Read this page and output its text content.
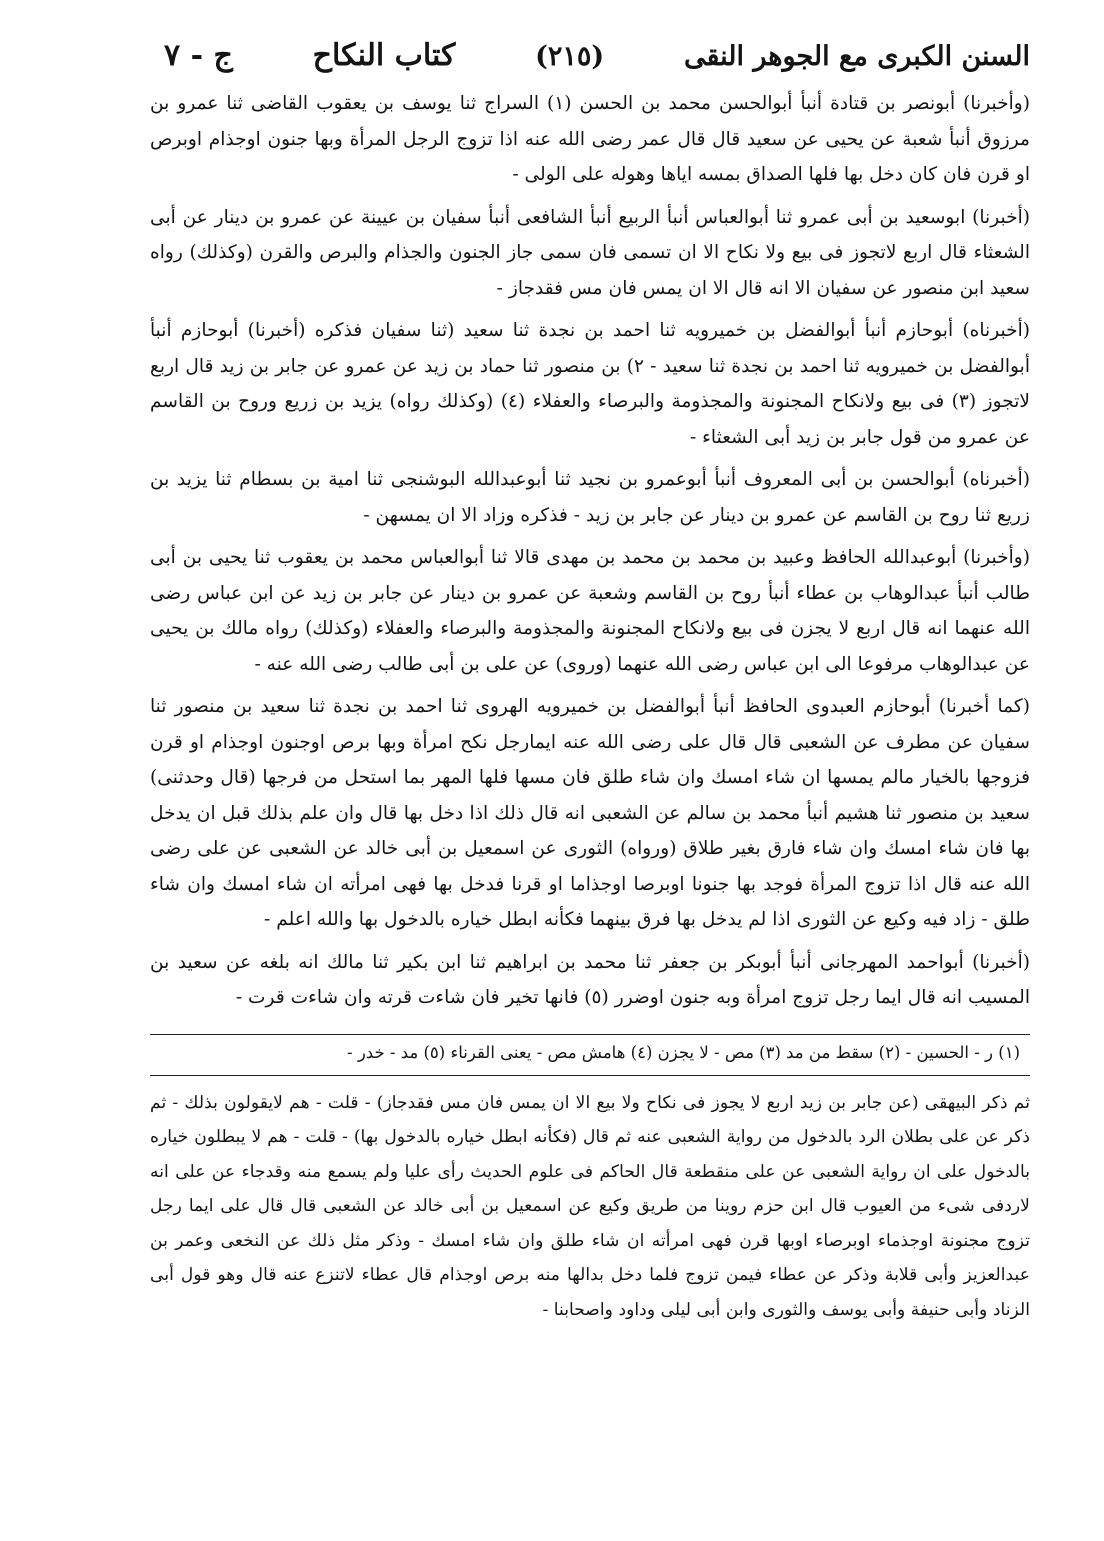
السنن الكبرى مع الجوهر النقى
(٢١٥)
كتاب النكاح
ج - ٧

(وأخبرنا) أبونصر بن قتادة أنبأ أبوالحسن محمد بن الحسن (١) السراج ثنا يوسف بن يعقوب القاضى ثنا عمرو بن مرزوق أنبأ شعبة عن يحيى عن سعيد قال قال عمر رضى الله عنه اذا تزوج الرجل المرأة وبها جنون اوجذام اوبرص او قرن فان كان دخل بها فلها الصداق بمسه اياها وهوله على الولى -

(أخبرنا) ابوسعيد بن أبى عمرو ثنا أبوالعباس أنبأ الربيع أنبأ الشافعى أنبأ سفيان بن عيينة عن عمرو بن دينار عن أبى الشعثاء قال اربع لاتجوز فى بيع ولا نكاح الا ان تسمى فان سمى جاز الجنون والجذام والبرص والقرن (وكذلك) رواه سعيد ابن منصور عن سفيان الا انه قال الا ان يمس فان مس فقدجاز -

(أخبرناه) أبوحازم أنبأ أبوالفضل بن خميرويه ثنا احمد بن نجدة ثنا سعيد (ثنا سفيان فذكره (أخبرنا) أبوحازم أنبأ أبوالفضل بن خميرويه ثنا احمد بن نجدة ثنا سعيد - ٢) بن منصور ثنا حماد بن زيد عن عمرو عن جابر بن زيد قال اربع لاتجوز (٣) فى بيع ولانكاح المجنونة والمجذومة والبرصاء والعفلاء (٤) (وكذلك رواه) يزيد بن زريع وروح بن القاسم عن عمرو من قول جابر بن زيد أبى الشعثاء -

(أخبرناه) أبوالحسن بن أبى المعروف أنبأ أبوعمرو بن نجيد ثنا أبوعبدالله البوشنجى ثنا امية بن بسطام ثنا يزيد بن زريع ثنا روح بن القاسم عن عمرو بن دينار عن جابر بن زيد - فذكره وزاد الا ان يمسهن -

(وأخبرنا) أبوعبدالله الحافظ وعبيد بن محمد بن محمد بن مهدى قالا ثنا أبوالعباس محمد بن يعقوب ثنا يحيى بن أبى طالب أنبأ عبدالوهاب بن عطاء أنبأ روح بن القاسم وشعبة عن عمرو بن دينار عن جابر بن زيد عن ابن عباس رضى الله عنهما انه قال اربع لا يجزن فى بيع ولانكاح المجنونة والمجذومة والبرصاء والعفلاء (وكذلك) رواه مالك بن يحيى عن عبدالوهاب مرفوعا الى ابن عباس رضى الله عنهما (وروى) عن على بن أبى طالب رضى الله عنه -

(كما أخبرنا) أبوحازم العبدوى الحافظ أنبأ أبوالفضل بن خميرويه الهروى ثنا احمد بن نجدة ثنا سعيد بن منصور ثنا سفيان عن مطرف عن الشعبى قال قال على رضى الله عنه ايمارجل نكح امرأة وبها برص اوجنون اوجذام او قرن فزوجها بالخيار مالم يمسها ان شاء امسك وان شاء طلق فان مسها فلها المهر بما استحل من فرجها (قال وحدثنى) سعيد بن منصور ثنا هشيم أنبأ محمد بن سالم عن الشعبى انه قال ذلك اذا دخل بها قال وان علم بذلك قبل ان يدخل بها فان شاء امسك وان شاء فارق بغير طلاق (ورواه) الثورى عن اسمعيل بن أبى خالد عن الشعبى عن على رضى الله عنه قال اذا تزوج المرأة فوجد بها جنونا اوبرصا اوجذاما او قرنا فدخل بها فهى امرأته ان شاء امسك وان شاء طلق - زاد فيه وكيع عن الثورى اذا لم يدخل بها فرق بينهما فكأنه ابطل خياره بالدخول بها والله اعلم -

(أخبرنا) أبواحمد المهرجانى أنبأ أبوبكر بن جعفر ثنا محمد بن ابراهيم ثنا ابن بكير ثنا مالك انه بلغه عن سعيد بن المسيب انه قال ايما رجل تزوج امرأة وبه جنون اوضرر (٥) فانها تخير فان شاءت قرته وان شاءت قرت -

(١) ر - الحسين - (٢) سقط من مد (٣) مص - لا يجزن (٤) هامش مص - يعنى القرناء (٥) مد - خدر -

ثم ذكر البيهقى (عن جابر بن زيد اربع لا يجوز فى نكاح ولا بيع الا ان يمس فان مس فقدجاز) - قلت - هم لايقولون بذلك - ثم ذكر عن على بطلان الرد بالدخول من رواية الشعبى عنه ثم قال (فكأنه ابطل خياره بالدخول بها) - قلت - هم لا يبطلون خياره بالدخول على ان رواية الشعبى عن على منقطعة قال الحاكم فى علوم الحديث رأى عليا ولم يسمع منه وقدجاء عن على انه لاردفى شىء من العيوب قال ابن حزم روينا من طريق وكيع عن اسمعيل بن أبى خالد عن الشعبى قال قال على ايما رجل تزوج مجنونة اوجذماء اوبرصاء اوبها قرن فهى امرأته ان شاء طلق وان شاء امسك - وذكر مثل ذلك عن النخعى وعمر بن عبدالعزيز وأبى قلابة وذكر عن عطاء فيمن تزوج فلما دخل بدالها منه برص اوجذام قال عطاء لاتنزع عنه قال وهو قول أبى الزناد وأبى حنيفة وأبى يوسف والثورى وابن أبى ليلى وداود واصحابنا -
